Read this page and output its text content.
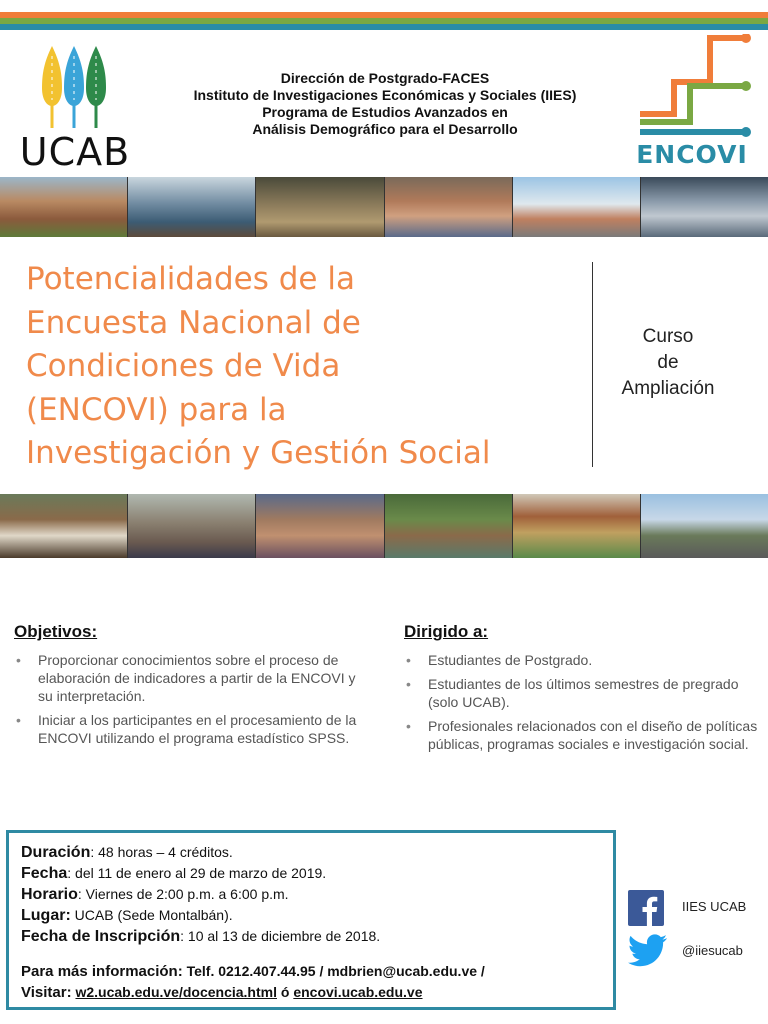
UCAB
Dirección de Postgrado-FACES
Instituto de Investigaciones Económicas y Sociales (IIES)
Programa de Estudios Avanzados en
Análisis Demográfico para el Desarrollo
ENCOVI
Potencialidades de la
Encuesta Nacional de
Condiciones de Vida
(ENCOVI) para la
Investigación y Gestión Social
Curso
de
Ampliación
Objetivos:
• Proporcionar conocimientos sobre el proceso de elaboración de indicadores a partir de la ENCOVI y su interpretación.
• Iniciar a los participantes en el procesamiento de la ENCOVI utilizando el programa estadístico SPSS.
Dirigido a:
• Estudiantes de Postgrado.
• Estudiantes de los últimos semestres de pregrado (solo UCAB).
• Profesionales relacionados con el diseño de políticas públicas, programas sociales e investigación social.
Duración: 48 horas – 4 créditos.
Fecha: del 11 de enero al 29 de marzo de 2019.
Horario: Viernes de 2:00 p.m. a 6:00 p.m.
Lugar: UCAB (Sede Montalbán).
Fecha de Inscripción: 10 al 13 de diciembre de 2018.
Para más información: Telf. 0212.407.44.95 / mdbrien@ucab.edu.ve /
Visitar: w2.ucab.edu.ve/docencia.html ó encovi.ucab.edu.ve
IIES UCAB
@iiesucab
